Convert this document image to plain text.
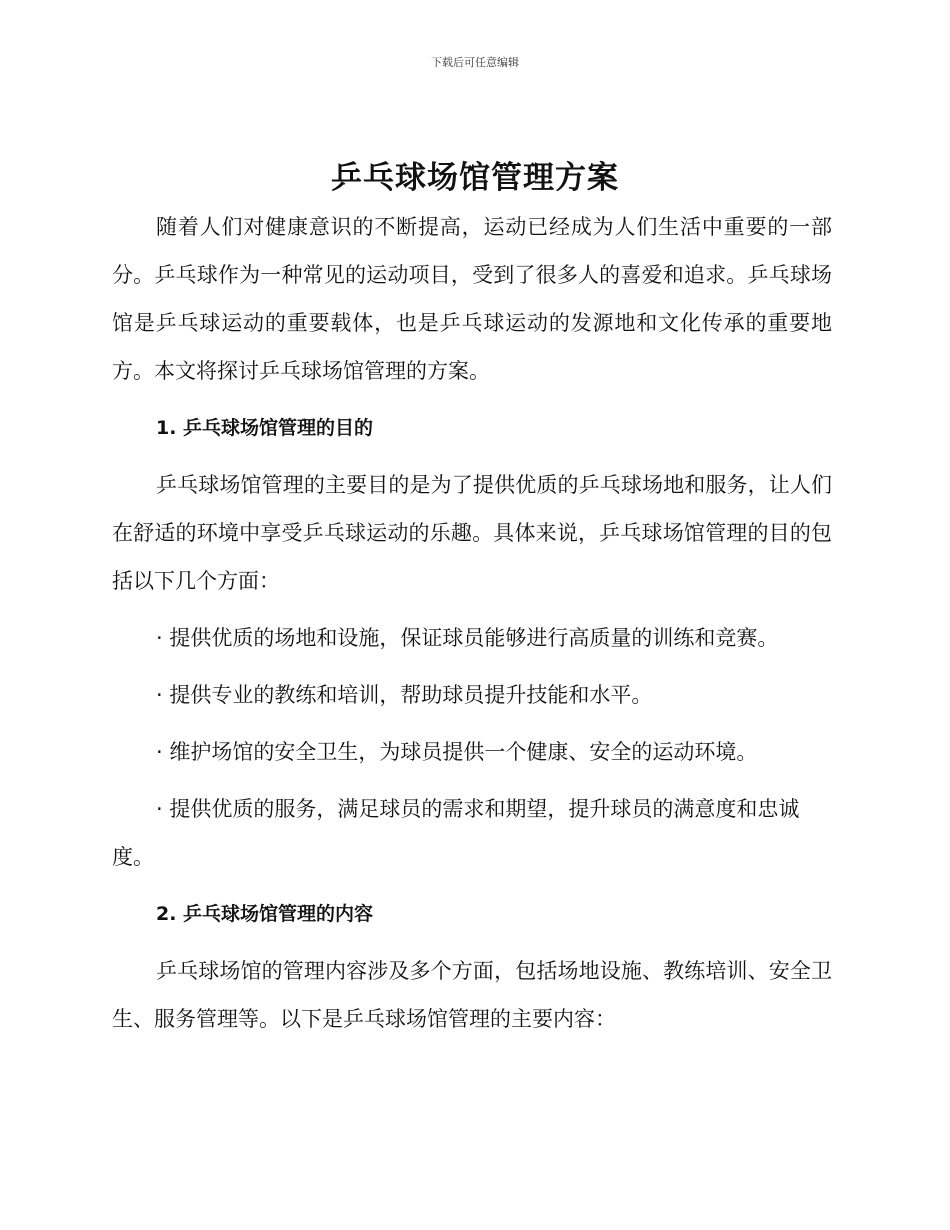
下载后可任意编辑
乒乓球场馆管理方案

随着人们对健康意识的不断提高，运动已经成为人们生活中重要的一部分。乒乓球作为一种常见的运动项目，受到了很多人的喜爱和追求。乒乓球场馆是乒乓球运动的重要载体，也是乒乓球运动的发源地和文化传承的重要地方。本文将探讨乒乓球场馆管理的方案。

1. 乒乓球场馆管理的目的

乒乓球场馆管理的主要目的是为了提供优质的乒乓球场地和服务，让人们在舒适的环境中享受乒乓球运动的乐趣。具体来说，乒乓球场馆管理的目的包括以下几个方面：

· 提供优质的场地和设施，保证球员能够进行高质量的训练和竞赛。

· 提供专业的教练和培训，帮助球员提升技能和水平。

· 维护场馆的安全卫生，为球员提供一个健康、安全的运动环境。

· 提供优质的服务，满足球员的需求和期望，提升球员的满意度和忠诚度。

2. 乒乓球场馆管理的内容

乒乓球场馆的管理内容涉及多个方面，包括场地设施、教练培训、安全卫生、服务管理等。以下是乒乓球场馆管理的主要内容：
